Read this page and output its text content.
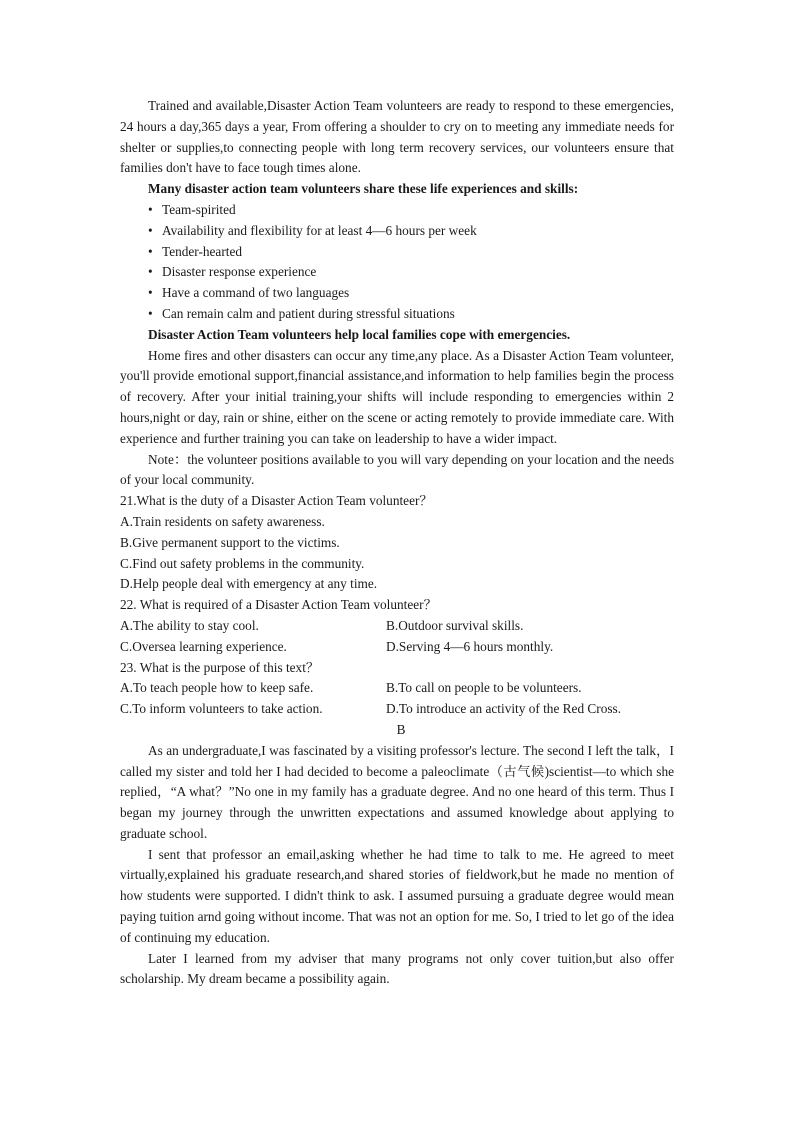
Trained and available,Disaster Action Team volunteers are ready to respond to these emergencies, 24 hours a day,365 days a year, From offering a shoulder to cry on to meeting any immediate needs for shelter or supplies,to connecting people with long term recovery services, our volunteers ensure that families don't have to face tough times alone.

Many disaster action team volunteers share these life experiences and skills:

• Team-spirited

• Availability and flexibility for at least 4—6 hours per week

• Tender-hearted

• Disaster response experience

• Have a command of two languages

• Can remain calm and patient during stressful situations

Disaster Action Team volunteers help local families cope with emergencies.

Home fires and other disasters can occur any time,any place. As a Disaster Action Team volunteer, you'll provide emotional support,financial assistance,and information to help families begin the process of recovery. After your initial training,your shifts will include responding to emergencies within 2 hours,night or day, rain or shine, either on the scene or acting remotely to provide immediate care. With experience and further training you can take on leadership to have a wider impact.

Note：the volunteer positions available to you will vary depending on your location and the needs of your local community.

21.What is the duty of a Disaster Action Team volunteer？

A.Train residents on safety awareness.

B.Give permanent support to the victims.

C.Find out safety problems in the community.

D.Help people deal with emergency at any time.

22. What is required of a Disaster Action Team volunteer？

A.The ability to stay cool.	B.Outdoor survival skills.
C.Oversea learning experience.	D.Serving 4—6 hours monthly.

23. What is the purpose of this text？

A.To teach people how to keep safe.	B.To call on people to be volunteers.
C.To inform volunteers to take action.	D.To introduce an activity of the Red Cross.

B

As an undergraduate,I was fascinated by a visiting professor's lecture. The second I left the talk，I called my sister and told her I had decided to become a paleoclimate（古气候)scientist—to which she replied，“A what？”No one in my family has a graduate degree. And no one heard of this term. Thus I began my journey through the unwritten expectations and assumed knowledge about applying to graduate school.

I sent that professor an email,asking whether he had time to talk to me. He agreed to meet virtually,explained his graduate research,and shared stories of fieldwork,but he made no mention of how students were supported. I didn't think to ask. I assumed pursuing a graduate degree would mean paying tuition arnd going without income. That was not an option for me. So, I tried to let go of the idea of continuing my education.

Later I learned from my adviser that many programs not only cover tuition,but also offer scholarship. My dream became a possibility again.
